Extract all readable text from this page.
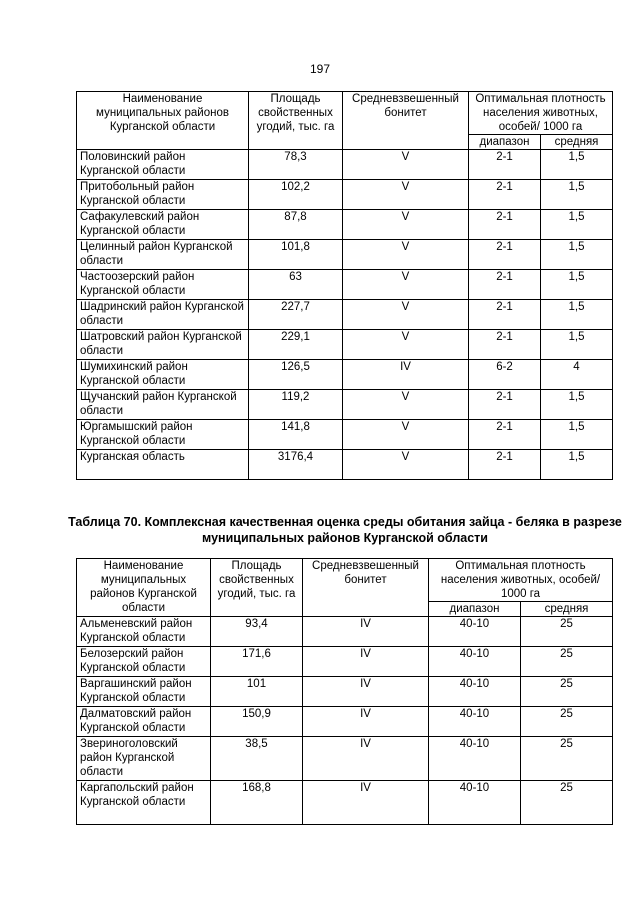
197
Наименование муниципальных районов Курганской области	Площадь свойственных угодий, тыс. га	Средневзвешенный бонитет	Оптимальная плотность населения животных, особей/ 1000 га	
			диапазон	средняя
Половинский район Курганской области	78,3	V	2-1	1,5
Притобольный район Курганской области	102,2	V	2-1	1,5
Сафакулевский район Курганской области	87,8	V	2-1	1,5
Целинный район Курганской области	101,8	V	2-1	1,5
Частоозерский район Курганской области	63	V	2-1	1,5
Шадринский район Курганской области	227,7	V	2-1	1,5
Шатровский район Курганской области	229,1	V	2-1	1,5
Шумихинский район Курганской области	126,5	IV	6-2	4
Щучанский район Курганской области	119,2	V	2-1	1,5
Юргамышский район Курганской области	141,8	V	2-1	1,5
Курганская область	3176,4	V	2-1	1,5
Таблица 70. Комплексная качественная оценка среды обитания зайца - беляка в разрезе муниципальных районов Курганской области
Наименование муниципальных районов Курганской области	Площадь свойственных угодий, тыс. га	Средневзвешенный бонитет	Оптимальная плотность населения животных, особей/ 1000 га	
			диапазон	средняя
Альменевский район Курганской области	93,4	IV	40-10	25
Белозерский район Курганской области	171,6	IV	40-10	25
Варгашинский район Курганской области	101	IV	40-10	25
Далматовский район Курганской области	150,9	IV	40-10	25
Звериноголовский район Курганской области	38,5	IV	40-10	25
Каргапольский район Курганской области	168,8	IV	40-10	25
